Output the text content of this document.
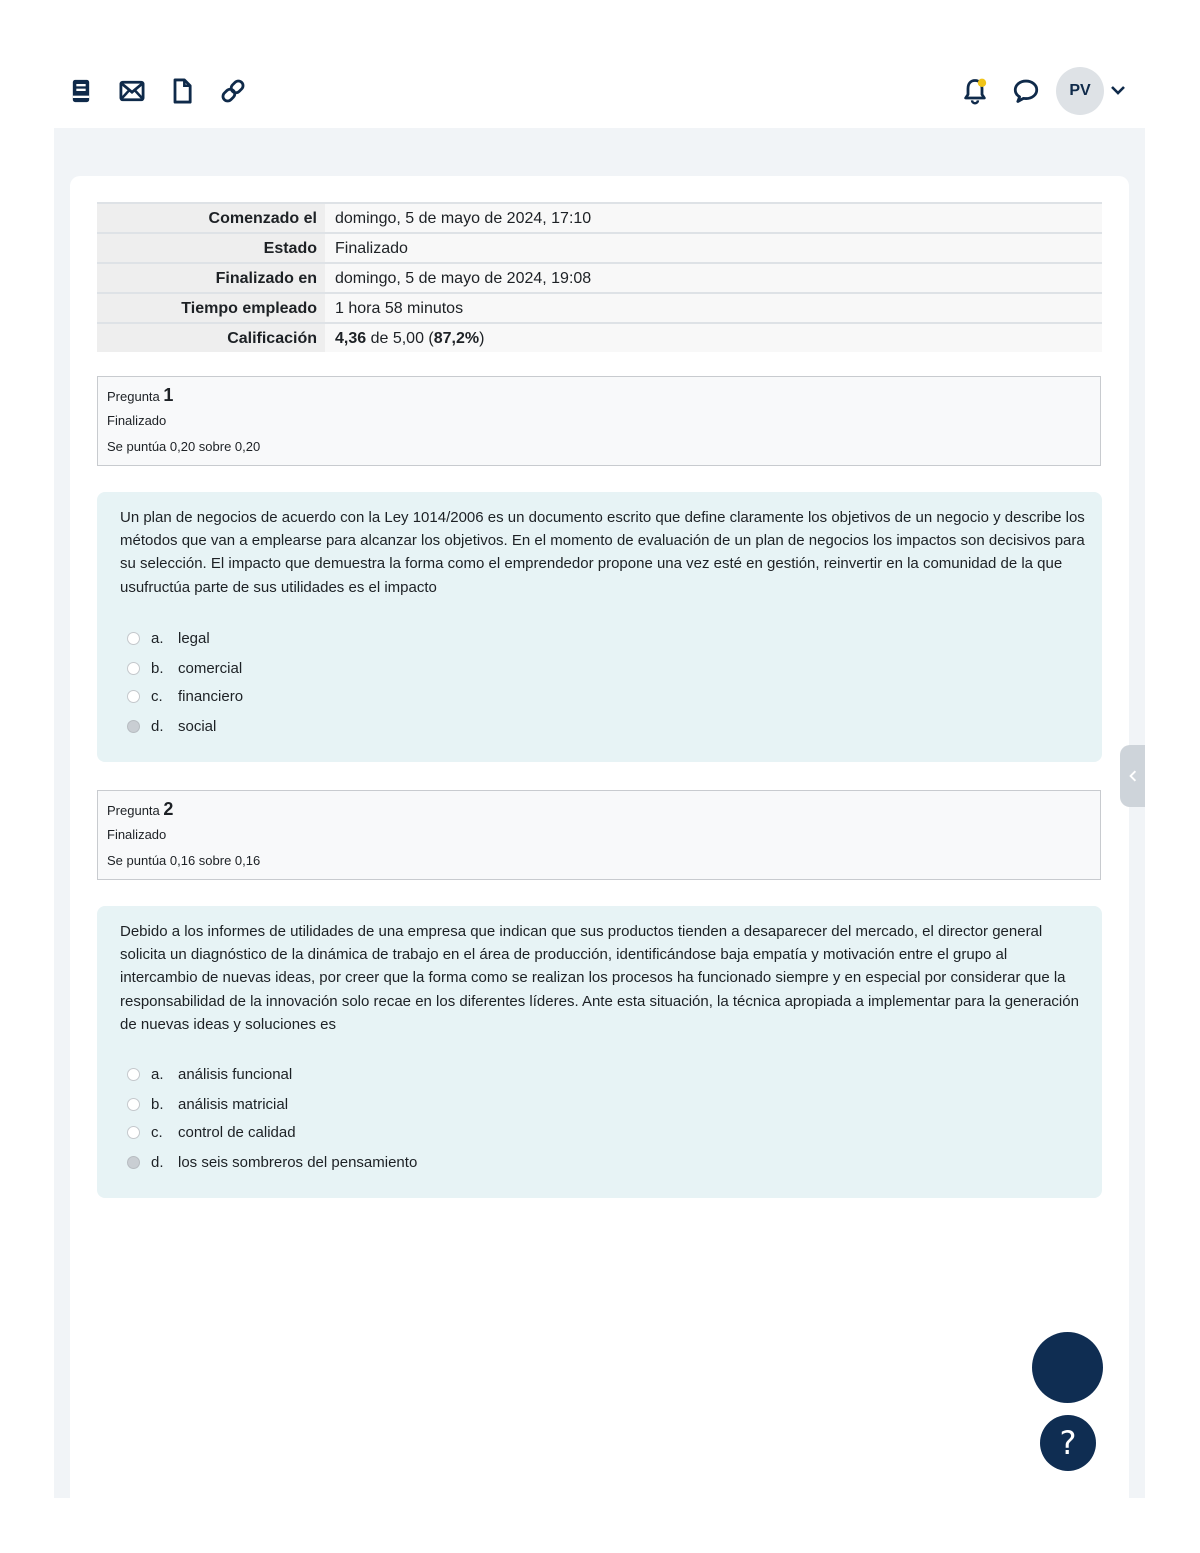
PV
Comenzado el	domingo, 5 de mayo de 2024, 17:10
Estado	Finalizado
Finalizado en	domingo, 5 de mayo de 2024, 19:08
Tiempo empleado	1 hora 58 minutos
Calificación	4,36 de 5,00 (87,2%)
Pregunta 1
Finalizado
Se puntúa 0,20 sobre 0,20
Un plan de negocios de acuerdo con la Ley 1014/2006 es un documento escrito que define claramente los objetivos de un negocio y describe los métodos que van a emplearse para alcanzar los objetivos. En el momento de evaluación de un plan de negocios los impactos son decisivos para su selección. El impacto que demuestra la forma como el emprendedor propone una vez esté en gestión, reinvertir en la comunidad de la que usufructúa parte de sus utilidades es el impacto
a. legal
b. comercial
c.	financiero
d. social
Pregunta 2
Finalizado
Se puntúa 0,16 sobre 0,16
Debido a los informes de utilidades de una empresa que indican que sus productos tienden a desaparecer del mercado, el director general solicita un diagnóstico de la dinámica de trabajo en el área de producción, identificándose baja empatía y motivación entre el grupo al intercambio de nuevas ideas, por creer que la forma como se realizan los procesos ha funcionado siempre y en especial por considerar que la responsabilidad de la innovación solo recae en los diferentes líderes. Ante esta situación, la técnica apropiada a implementar para la generación de nuevas ideas y soluciones es
a. análisis funcional
b. análisis matricial
c.	control de calidad
d. los seis sombreros del pensamiento
?
